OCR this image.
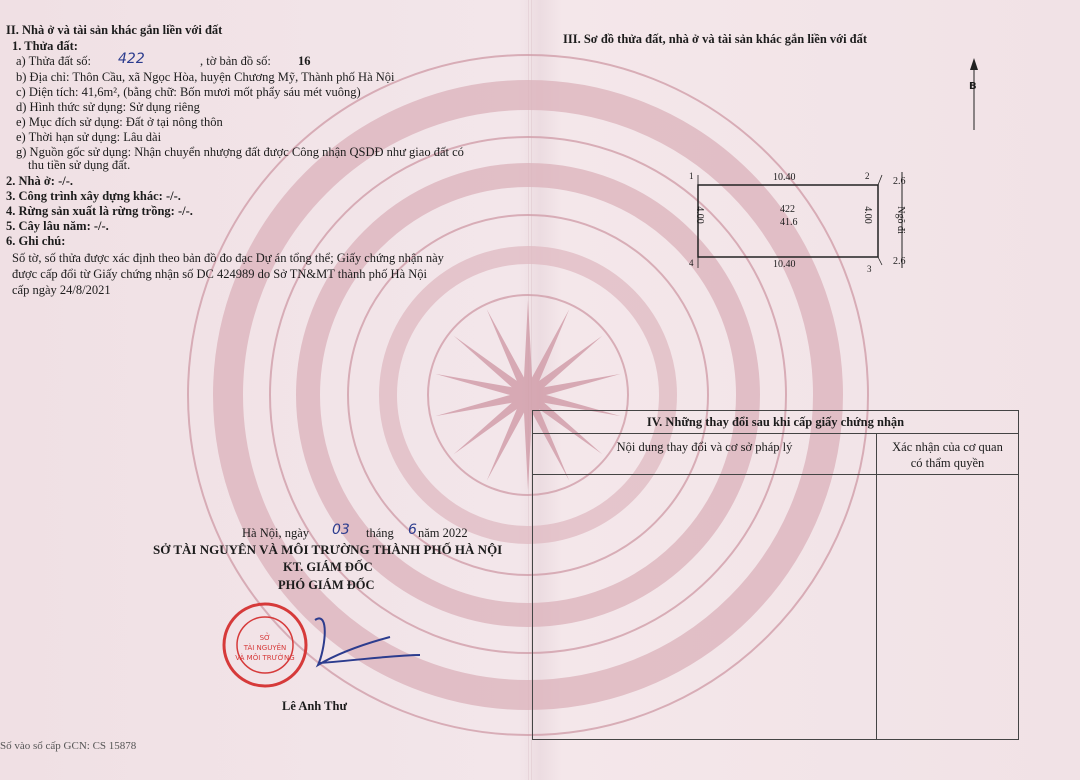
II. Nhà ở và tài sản khác gắn liền với đất
1. Thửa đất:
a) Thửa đất số: 422	, tờ bản đồ số: 16
b) Địa chỉ: Thôn Cầu, xã Ngọc Hòa, huyện Chương Mỹ, Thành phố Hà Nội
c) Diện tích: 41,6m², (bằng chữ: Bốn mươi mốt phẩy sáu mét vuông)
d) Hình thức sử dụng: Sử dụng riêng
e) Mục đích sử dụng: Đất ở tại nông thôn
e) Thời hạn sử dụng: Lâu dài
g) Nguồn gốc sử dụng: Nhận chuyển nhượng đất được Công nhận QSDĐ như giao đất có
thu tiền sử dụng đất.
2. Nhà ở: -/-.
3. Công trình xây dựng khác: -/-.
4. Rừng sản xuất là rừng trồng: -/-.
5. Cây lâu năm: -/-.
6. Ghi chú:
Số tờ, số thửa được xác định theo bản đồ đo đạc Dự án tổng thể; Giấy chứng nhận này
được cấp đổi từ Giấy chứng nhận số DC 424989 do Sở TN&MT thành phố Hà Nội
cấp ngày 24/8/2021
Hà Nội, ngày 03 tháng 6 năm 2022
SỞ TÀI NGUYÊN VÀ MÔI TRƯỜNG THÀNH PHỐ HÀ NỘI
KT. GIÁM ĐỐC
PHÓ GIÁM ĐỐC
SỞ
TÀI NGUYÊN
VÀ MÔI TRƯỜNG
Lê Anh Thư
Số vào sổ cấp GCN: CS 15878
III. Sơ đồ thửa đất, nhà ở và tài sản khác gắn liền với đất
B
1	2
3
4
10.40
10.40
4.00	4.00
422
41.6
2.6
2.6
Ngõ đi
IV. Những thay đổi sau khi cấp giấy chứng nhận
Nội dung thay đổi và cơ sở pháp lý	Xác nhận của cơ quan
có thẩm quyền
